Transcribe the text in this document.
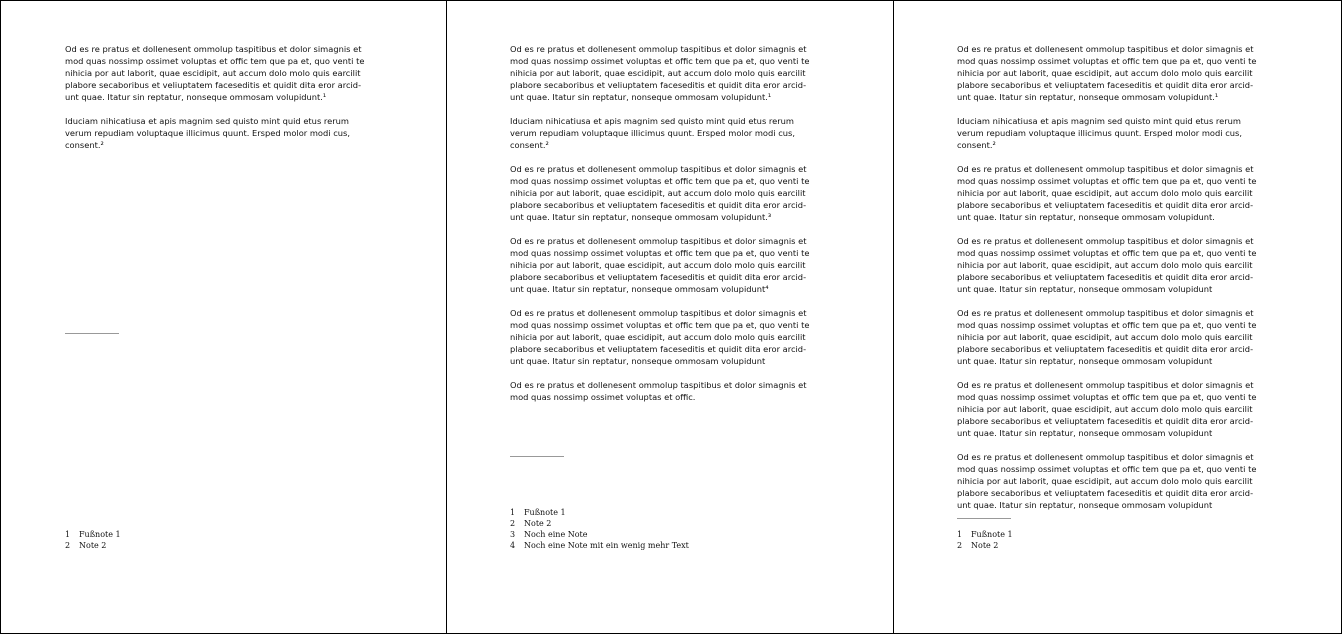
Od es re pratus et dollenesent ommolup taspitibus et dolor simagnis et
mod quas nossimp ossimet voluptas et offic tem que pa et, quo venti te
nihicia por aut laborit, quae escidipit, aut accum dolo molo quis earcilit
plabore secaboribus et veliuptatem faceseditis et quidit dita eror arcid-
unt quae. Itatur sin reptatur, nonseque ommosam volupidunt.¹

Iduciam nihicatiusa et apis magnim sed quisto mint quid etus rerum
verum repudiam voluptaque illicimus quunt. Ersped molor modi cus,
consent.²

1	Fußnote 1
2	Note 2

Od es re pratus et dollenesent ommolup taspitibus et dolor simagnis et
mod quas nossimp ossimet voluptas et offic tem que pa et, quo venti te
nihicia por aut laborit, quae escidipit, aut accum dolo molo quis earcilit
plabore secaboribus et veliuptatem faceseditis et quidit dita eror arcid-
unt quae. Itatur sin reptatur, nonseque ommosam volupidunt.¹

Iduciam nihicatiusa et apis magnim sed quisto mint quid etus rerum
verum repudiam voluptaque illicimus quunt. Ersped molor modi cus,
consent.²

Od es re pratus et dollenesent ommolup taspitibus et dolor simagnis et
mod quas nossimp ossimet voluptas et offic tem que pa et, quo venti te
nihicia por aut laborit, quae escidipit, aut accum dolo molo quis earcilit
plabore secaboribus et veliuptatem faceseditis et quidit dita eror arcid-
unt quae. Itatur sin reptatur, nonseque ommosam volupidunt.³

Od es re pratus et dollenesent ommolup taspitibus et dolor simagnis et
mod quas nossimp ossimet voluptas et offic tem que pa et, quo venti te
nihicia por aut laborit, quae escidipit, aut accum dolo molo quis earcilit
plabore secaboribus et veliuptatem faceseditis et quidit dita eror arcid-
unt quae. Itatur sin reptatur, nonseque ommosam volupidunt⁴

Od es re pratus et dollenesent ommolup taspitibus et dolor simagnis et
mod quas nossimp ossimet voluptas et offic tem que pa et, quo venti te
nihicia por aut laborit, quae escidipit, aut accum dolo molo quis earcilit
plabore secaboribus et veliuptatem faceseditis et quidit dita eror arcid-
unt quae. Itatur sin reptatur, nonseque ommosam volupidunt

Od es re pratus et dollenesent ommolup taspitibus et dolor simagnis et
mod quas nossimp ossimet voluptas et offic.

1	Fußnote 1
2	Note 2
3	Noch eine Note
4	Noch eine Note mit ein wenig mehr Text

Od es re pratus et dollenesent ommolup taspitibus et dolor simagnis et
mod quas nossimp ossimet voluptas et offic tem que pa et, quo venti te
nihicia por aut laborit, quae escidipit, aut accum dolo molo quis earcilit
plabore secaboribus et veliuptatem faceseditis et quidit dita eror arcid-
unt quae. Itatur sin reptatur, nonseque ommosam volupidunt.¹

Iduciam nihicatiusa et apis magnim sed quisto mint quid etus rerum
verum repudiam voluptaque illicimus quunt. Ersped molor modi cus,
consent.²

Od es re pratus et dollenesent ommolup taspitibus et dolor simagnis et
mod quas nossimp ossimet voluptas et offic tem que pa et, quo venti te
nihicia por aut laborit, quae escidipit, aut accum dolo molo quis earcilit
plabore secaboribus et veliuptatem faceseditis et quidit dita eror arcid-
unt quae. Itatur sin reptatur, nonseque ommosam volupidunt.

Od es re pratus et dollenesent ommolup taspitibus et dolor simagnis et
mod quas nossimp ossimet voluptas et offic tem que pa et, quo venti te
nihicia por aut laborit, quae escidipit, aut accum dolo molo quis earcilit
plabore secaboribus et veliuptatem faceseditis et quidit dita eror arcid-
unt quae. Itatur sin reptatur, nonseque ommosam volupidunt

Od es re pratus et dollenesent ommolup taspitibus et dolor simagnis et
mod quas nossimp ossimet voluptas et offic tem que pa et, quo venti te
nihicia por aut laborit, quae escidipit, aut accum dolo molo quis earcilit
plabore secaboribus et veliuptatem faceseditis et quidit dita eror arcid-
unt quae. Itatur sin reptatur, nonseque ommosam volupidunt

Od es re pratus et dollenesent ommolup taspitibus et dolor simagnis et
mod quas nossimp ossimet voluptas et offic tem que pa et, quo venti te
nihicia por aut laborit, quae escidipit, aut accum dolo molo quis earcilit
plabore secaboribus et veliuptatem faceseditis et quidit dita eror arcid-
unt quae. Itatur sin reptatur, nonseque ommosam volupidunt

Od es re pratus et dollenesent ommolup taspitibus et dolor simagnis et
mod quas nossimp ossimet voluptas et offic tem que pa et, quo venti te
nihicia por aut laborit, quae escidipit, aut accum dolo molo quis earcilit
plabore secaboribus et veliuptatem faceseditis et quidit dita eror arcid-
unt quae. Itatur sin reptatur, nonseque ommosam volupidunt

1	Fußnote 1
2	Note 2
